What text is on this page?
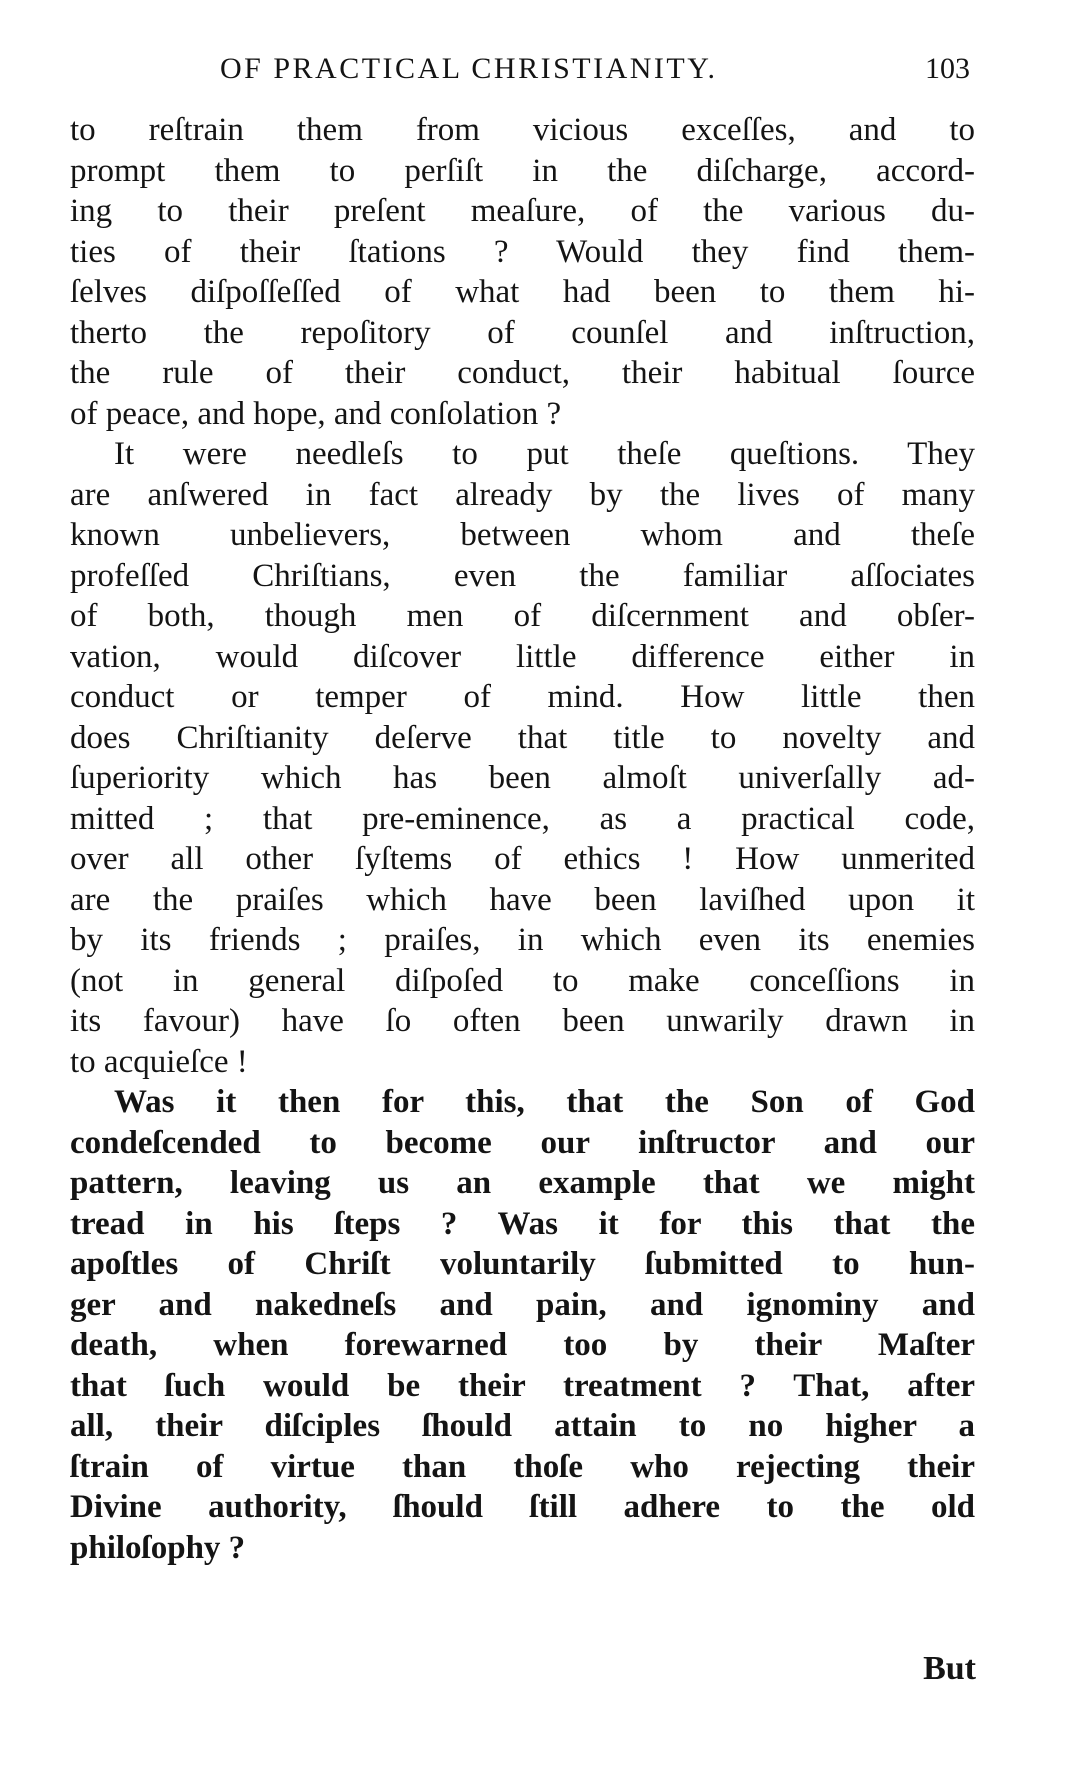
OF PRACTICAL CHRISTIANITY.	103
to reſtrain them from vicious exceſſes, and to
prompt them to perſiſt in the diſcharge, accord-
ing to their preſent meaſure, of the various du-
ties of their ſtations ? Would they find them-
ſelves diſpoſſeſſed of what had been to them hi-
therto the repoſitory of counſel and inſtruction,
the rule of their conduct, their habitual ſource
of peace, and hope, and conſolation ?
It were needleſs to put theſe queſtions. They
are anſwered in fact already by the lives of many
known unbelievers, between whom and theſe
profeſſed Chriſtians, even the familiar aſſociates
of both, though men of diſcernment and obſer-
vation, would diſcover little difference either in
conduct or temper of mind. How little then
does Chriſtianity deſerve that title to novelty and
ſuperiority which has been almoſt univerſally ad-
mitted ; that pre-eminence, as a practical code,
over all other ſyſtems of ethics ! How unmerited
are the praiſes which have been laviſhed upon it
by its friends ; praiſes, in which even its enemies
(not in general diſpoſed to make conceſſions in
its favour) have ſo often been unwarily drawn in
to acquieſce !
Was it then for this, that the Son of God
condeſcended to become our inſtructor and our
pattern, leaving us an example that we might
tread in his ſteps ? Was it for this that the
apoſtles of Chriſt voluntarily ſubmitted to hun-
ger and nakedneſs and pain, and ignominy and
death, when forewarned too by their Maſter
that ſuch would be their treatment ? That, after
all, their diſciples ſhould attain to no higher a
ſtrain of virtue than thoſe who rejecting their
Divine authority, ſhould ſtill adhere to the old
philoſophy ?
But
